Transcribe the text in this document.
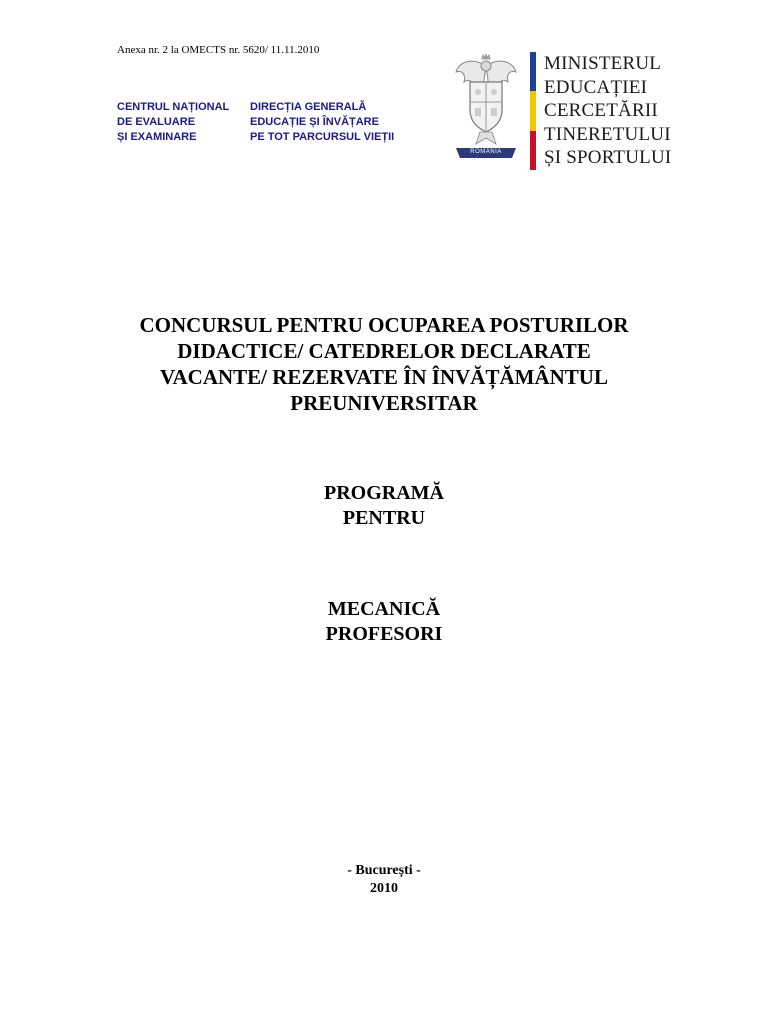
Anexa nr. 2 la OMECTS nr. 5620/ 11.11.2010
CENTRUL NAȚIONAL
DE EVALUARE
ȘI EXAMINARE
DIRECȚIA GENERALĂ
EDUCAȚIE ȘI ÎNVĂȚARE
PE TOT PARCURSUL VIEȚII
ROMÂNIA
MINISTERUL
EDUCAȚIEI
CERCETĂRII
TINERETULUI
ȘI SPORTULUI
CONCURSUL PENTRU OCUPAREA POSTURILOR
DIDACTICE/ CATEDRELOR DECLARATE
VACANTE/ REZERVATE ÎN ÎNVĂȚĂMÂNTUL
PREUNIVERSITAR
PROGRAMĂ
PENTRU
MECANICĂ
PROFESORI
- București -
2010
